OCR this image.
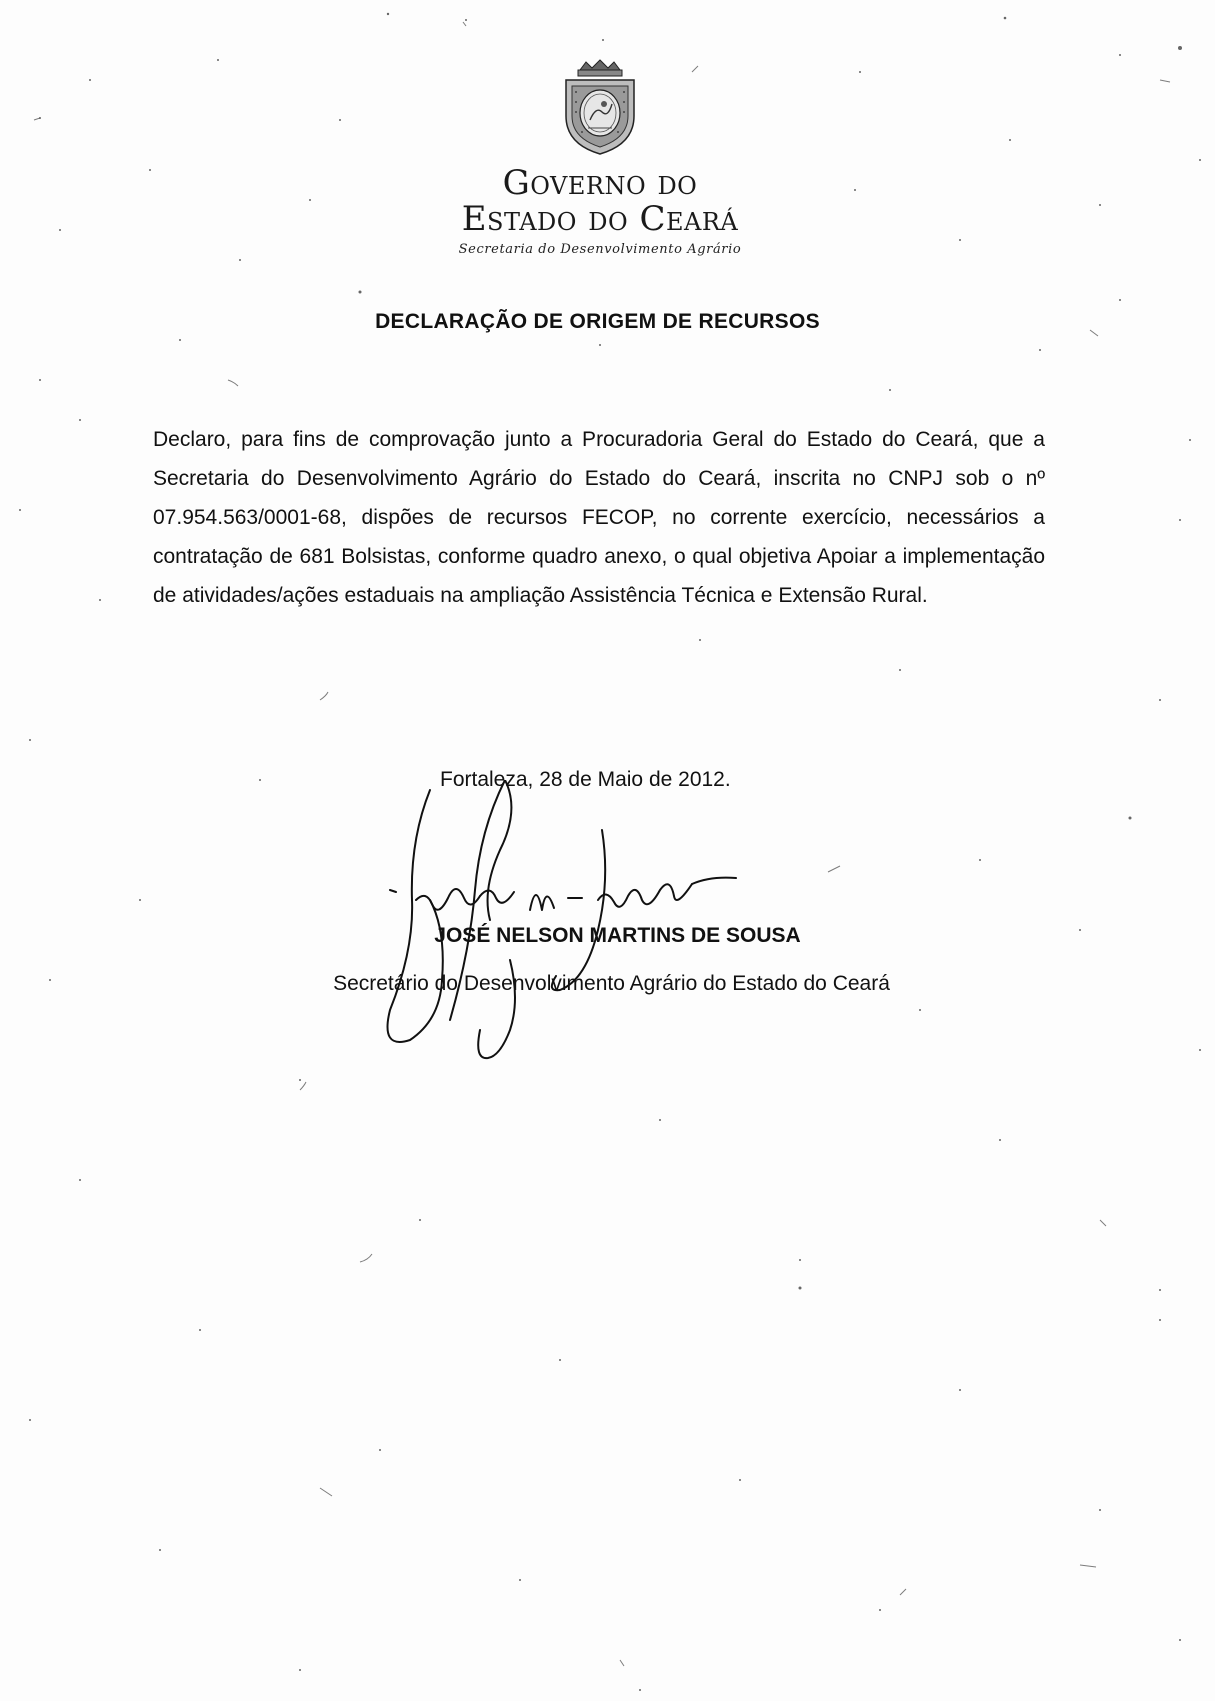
Governo do

Estado do Ceará

Secretaria do Desenvolvimento Agrário
DECLARAÇÃO DE ORIGEM DE RECURSOS

Declaro, para fins de comprovação junto a Procuradoria Geral do Estado do Ceará, que a Secretaria do Desenvolvimento Agrário do Estado do Ceará, inscrita no CNPJ sob o nº 07.954.563/0001-68, dispões de recursos FECOP, no corrente exercício, necessários a contratação de 681 Bolsistas, conforme quadro anexo, o qual objetiva Apoiar a implementação de atividades/ações estaduais na ampliação Assistência Técnica e Extensão Rural.

Fortaleza, 28 de Maio de 2012.

JOSÉ NELSON MARTINS DE SOUSA

Secretário do Desenvolvimento Agrário do Estado do Ceará
